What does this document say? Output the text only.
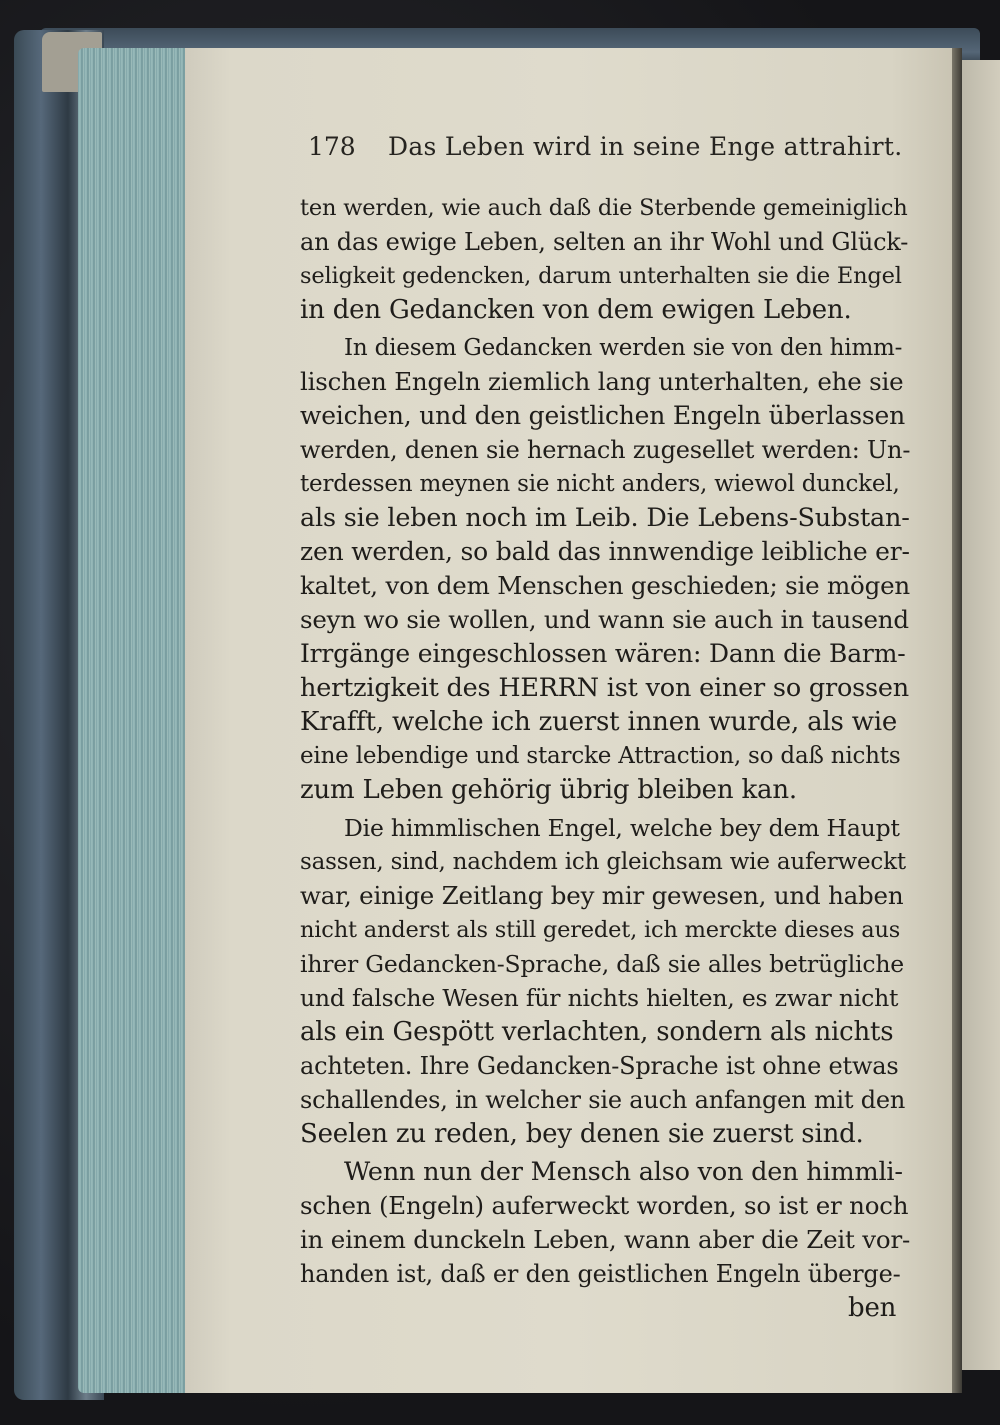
178 Das Leben wird in seine Enge attrahirt.
ten werden, wie auch daß die Sterbende gemeiniglich
an das ewige Leben, selten an ihr Wohl und Glück-
seligkeit gedencken, darum unterhalten sie die Engel
in den Gedancken von dem ewigen Leben.
In diesem Gedancken werden sie von den himm-
lischen Engeln ziemlich lang unterhalten, ehe sie
weichen, und den geistlichen Engeln überlassen
werden, denen sie hernach zugesellet werden: Un-
terdessen meynen sie nicht anders, wiewol dunckel,
als sie leben noch im Leib. Die Lebens-Substan-
zen werden, so bald das innwendige leibliche er-
kaltet, von dem Menschen geschieden; sie mögen
seyn wo sie wollen, und wann sie auch in tausend
Irrgänge eingeschlossen wären: Dann die Barm-
hertzigkeit des HERRN ist von einer so grossen
Krafft, welche ich zuerst innen wurde, als wie
eine lebendige und starcke Attraction, so daß nichts
zum Leben gehörig übrig bleiben kan.
Die himmlischen Engel, welche bey dem Haupt
sassen, sind, nachdem ich gleichsam wie auferweckt
war, einige Zeitlang bey mir gewesen, und haben
nicht anderst als still geredet, ich merckte dieses aus
ihrer Gedancken-Sprache, daß sie alles betrügliche
und falsche Wesen für nichts hielten, es zwar nicht
als ein Gespött verlachten, sondern als nichts
achteten. Ihre Gedancken-Sprache ist ohne etwas
schallendes, in welcher sie auch anfangen mit den
Seelen zu reden, bey denen sie zuerst sind.
Wenn nun der Mensch also von den himmli-
schen (Engeln) auferweckt worden, so ist er noch
in einem dunckeln Leben, wann aber die Zeit vor-
handen ist, daß er den geistlichen Engeln überge-
ben
